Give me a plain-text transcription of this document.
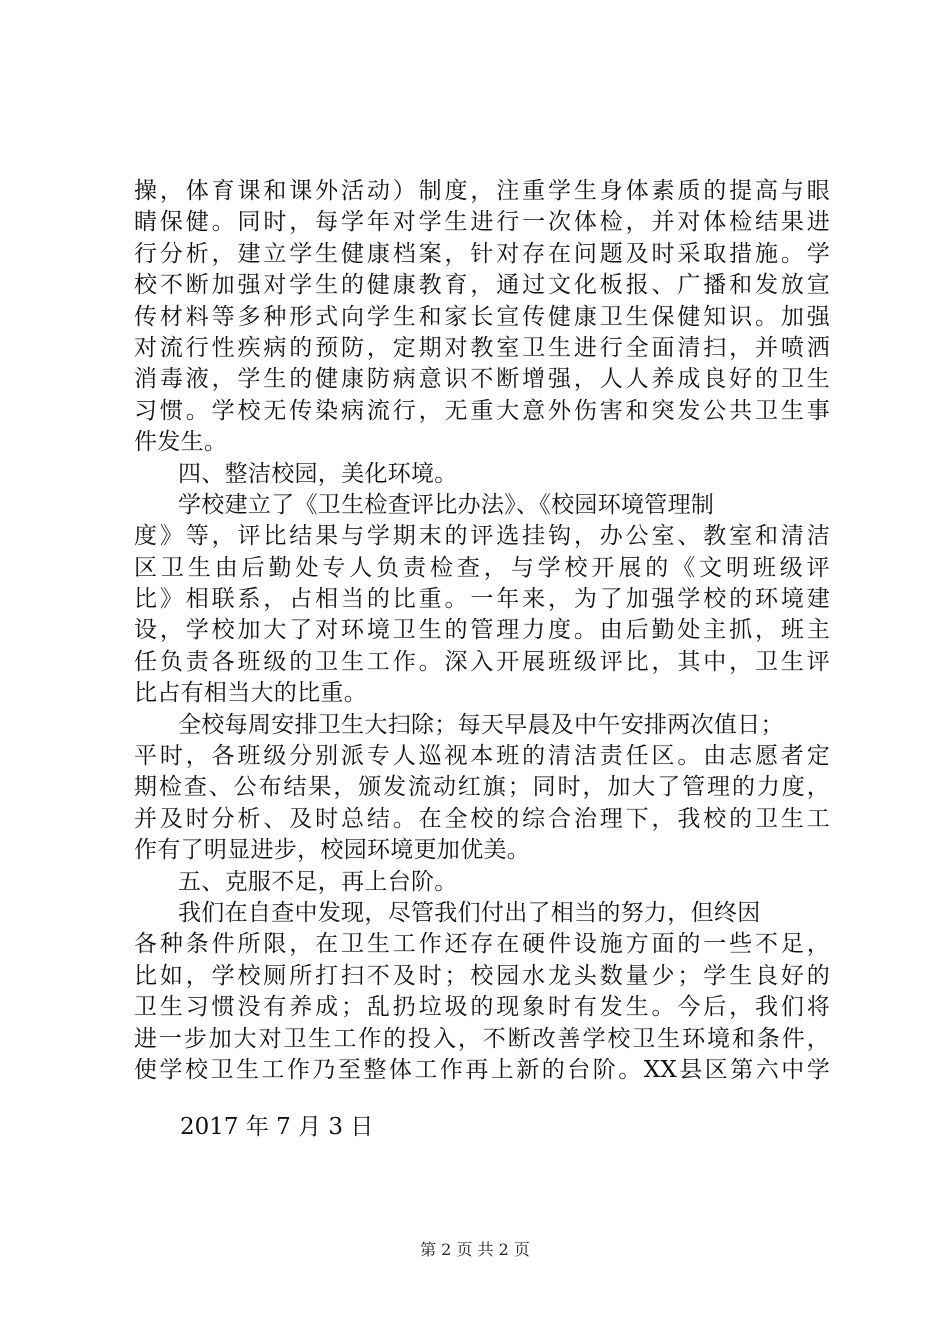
操，体育课和课外活动）制度，注重学生身体素质的提高与眼
睛保健。同时，每学年对学生进行一次体检，并对体检结果进
行分析，建立学生健康档案，针对存在问题及时采取措施。学
校不断加强对学生的健康教育，通过文化板报、广播和发放宣
传材料等多种形式向学生和家长宣传健康卫生保健知识。加强
对流行性疾病的预防，定期对教室卫生进行全面清扫，并喷洒
消毒液，学生的健康防病意识不断增强，人人养成良好的卫生
习惯。学校无传染病流行，无重大意外伤害和突发公共卫生事
件发生。
四、整洁校园，美化环境。
学校建立了《卫生检查评比办法》、《校园环境管理制
度》等，评比结果与学期末的评选挂钩，办公室、教室和清洁
区卫生由后勤处专人负责检查，与学校开展的《文明班级评
比》相联系，占相当的比重。一年来，为了加强学校的环境建
设，学校加大了对环境卫生的管理力度。由后勤处主抓，班主
任负责各班级的卫生工作。深入开展班级评比，其中，卫生评
比占有相当大的比重。
全校每周安排卫生大扫除；每天早晨及中午安排两次值日；
平时，各班级分别派专人巡视本班的清洁责任区。由志愿者定
期检查、公布结果，颁发流动红旗；同时，加大了管理的力度，
并及时分析、及时总结。在全校的综合治理下，我校的卫生工
作有了明显进步，校园环境更加优美。
五、克服不足，再上台阶。
我们在自查中发现，尽管我们付出了相当的努力，但终因
各种条件所限，在卫生工作还存在硬件设施方面的一些不足，
比如，学校厕所打扫不及时；校园水龙头数量少；学生良好的
卫生习惯没有养成；乱扔垃圾的现象时有发生。今后，我们将
进一步加大对卫生工作的投入，不断改善学校卫生环境和条件，
使学校卫生工作乃至整体工作再上新的台阶。XX县区第六中学
2017 年 7 月 3 日
第 2 页 共 2 页
